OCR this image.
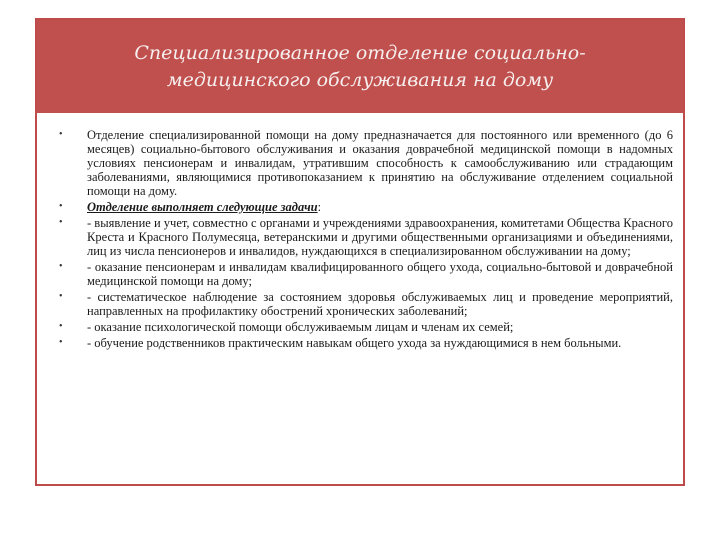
Специализированное отделение социально-медицинского обслуживания на дому
• Отделение специализированной помощи на дому предназначается для постоянного или временного (до 6 месяцев) социально-бытового обслуживания и оказания доврачебной медицинской помощи в надомных условиях пенсионерам и инвалидам, утратившим способность к самообслуживанию или страдающим заболеваниями, являющимися противопоказанием к принятию на обслуживание отделением социальной помощи на дому.
• Отделение выполняет следующие задачи:
• - выявление и учет, совместно с органами и учреждениями здравоохранения, комитетами Общества Красного Креста и Красного Полумесяца, ветеранскими и другими общественными организациями и объединениями, лиц из числа пенсионеров и инвалидов, нуждающихся в специализированном обслуживании на дому;
• - оказание пенсионерам и инвалидам квалифицированного общего ухода, социально-бытовой и доврачебной медицинской помощи на дому;
• - систематическое наблюдение за состоянием здоровья обслуживаемых лиц и проведение мероприятий, направленных на профилактику обострений хронических заболеваний;
• - оказание психологической помощи обслуживаемым лицам и членам их семей;
• - обучение родственников практическим навыкам общего ухода за нуждающимися в нем больными.
